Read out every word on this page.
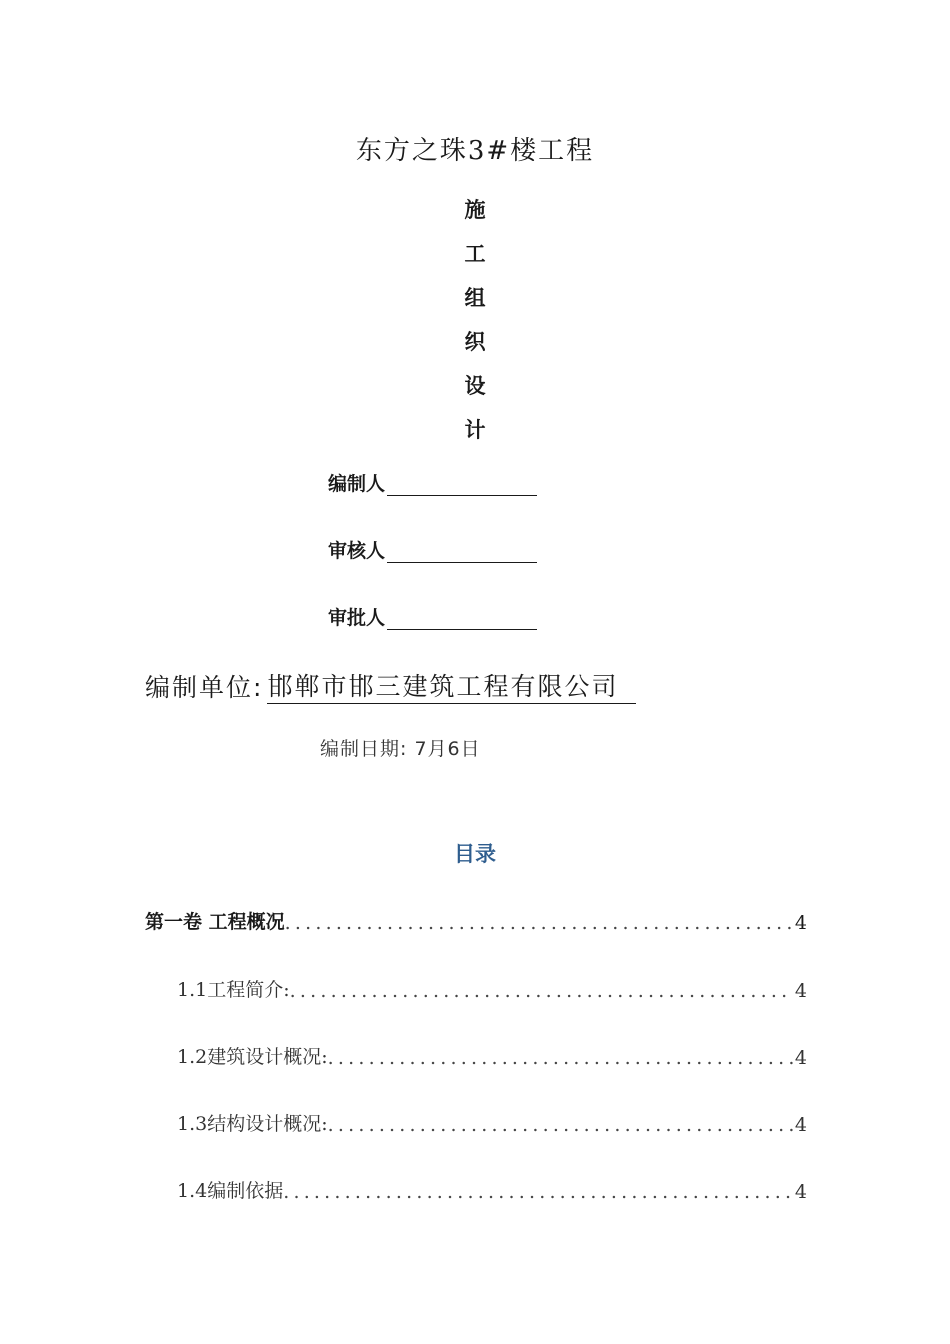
东方之珠3#楼工程
施
工
组
织
设
计
编制人
审核人
审批人
编制单位: 邯郸市邯三建筑工程有限公司
编制日期: 7月6日
目录
第一卷 工程概况 .....	4
1.1工程简介: .....	4
1.2建筑设计概况: .....	4
1.3结构设计概况: .....	4
1.4编制依据 .....	4
